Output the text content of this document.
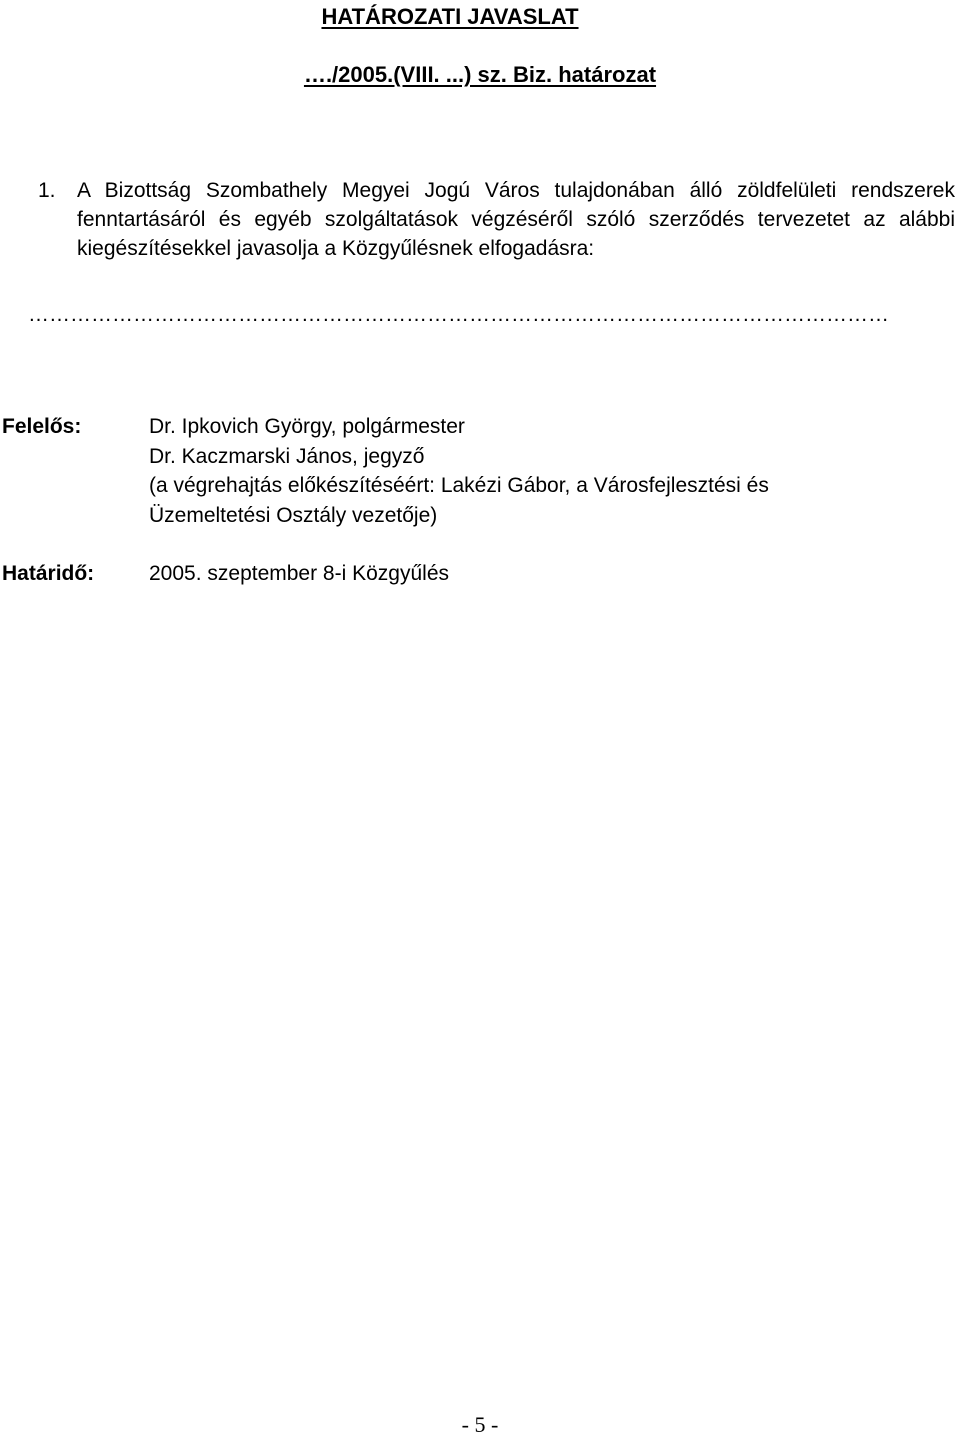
HATÁROZATI JAVASLAT
…./2005.(VIII. ...) sz. Biz. határozat
1. A Bizottság Szombathely Megyei Jogú Város tulajdonában álló zöldfelületi rendszerek fenntartásáról és egyéb szolgáltatások végzéséről szóló szerződés tervezetet az alábbi kiegészítésekkel javasolja a Közgyűlésnek elfogadásra:
……………………………………………………………………………………………………………
Felelős:	Dr. Ipkovich György, polgármester
Dr. Kaczmarski János, jegyző
(a végrehajtás előkészítéséért: Lakézi Gábor, a Városfejlesztési és
Üzemeltetési Osztály vezetője)
Határidő:	2005. szeptember 8-i Közgyűlés
- 5 -
